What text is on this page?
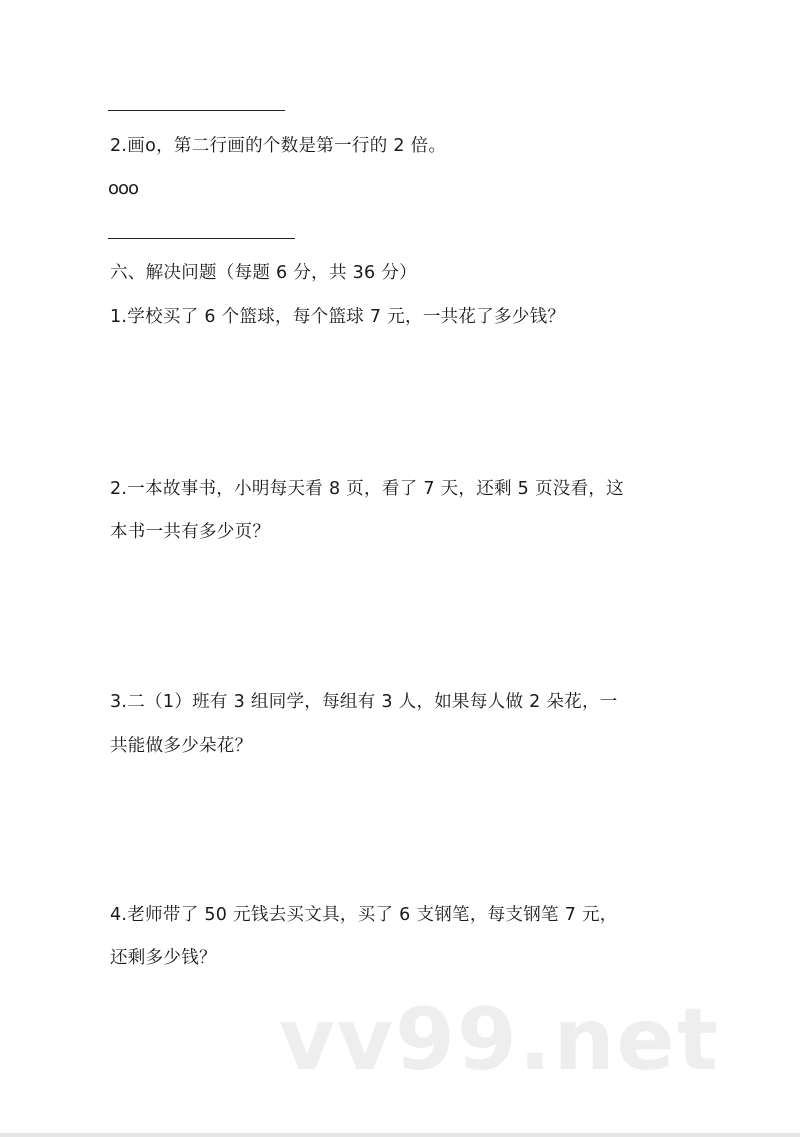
2.画o，第二行画的个数是第一行的 2 倍。
ooo
六、解决问题（每题 6 分，共 36 分）
1.学校买了 6 个篮球，每个篮球 7 元，一共花了多少钱？
2.一本故事书，小明每天看 8 页，看了 7 天，还剩 5 页没看，这
本书一共有多少页？
3.二（1）班有 3 组同学，每组有 3 人，如果每人做 2 朵花，一
共能做多少朵花？
4.老师带了 50 元钱去买文具，买了 6 支钢笔，每支钢笔 7 元，
还剩多少钱？
vv99.net
